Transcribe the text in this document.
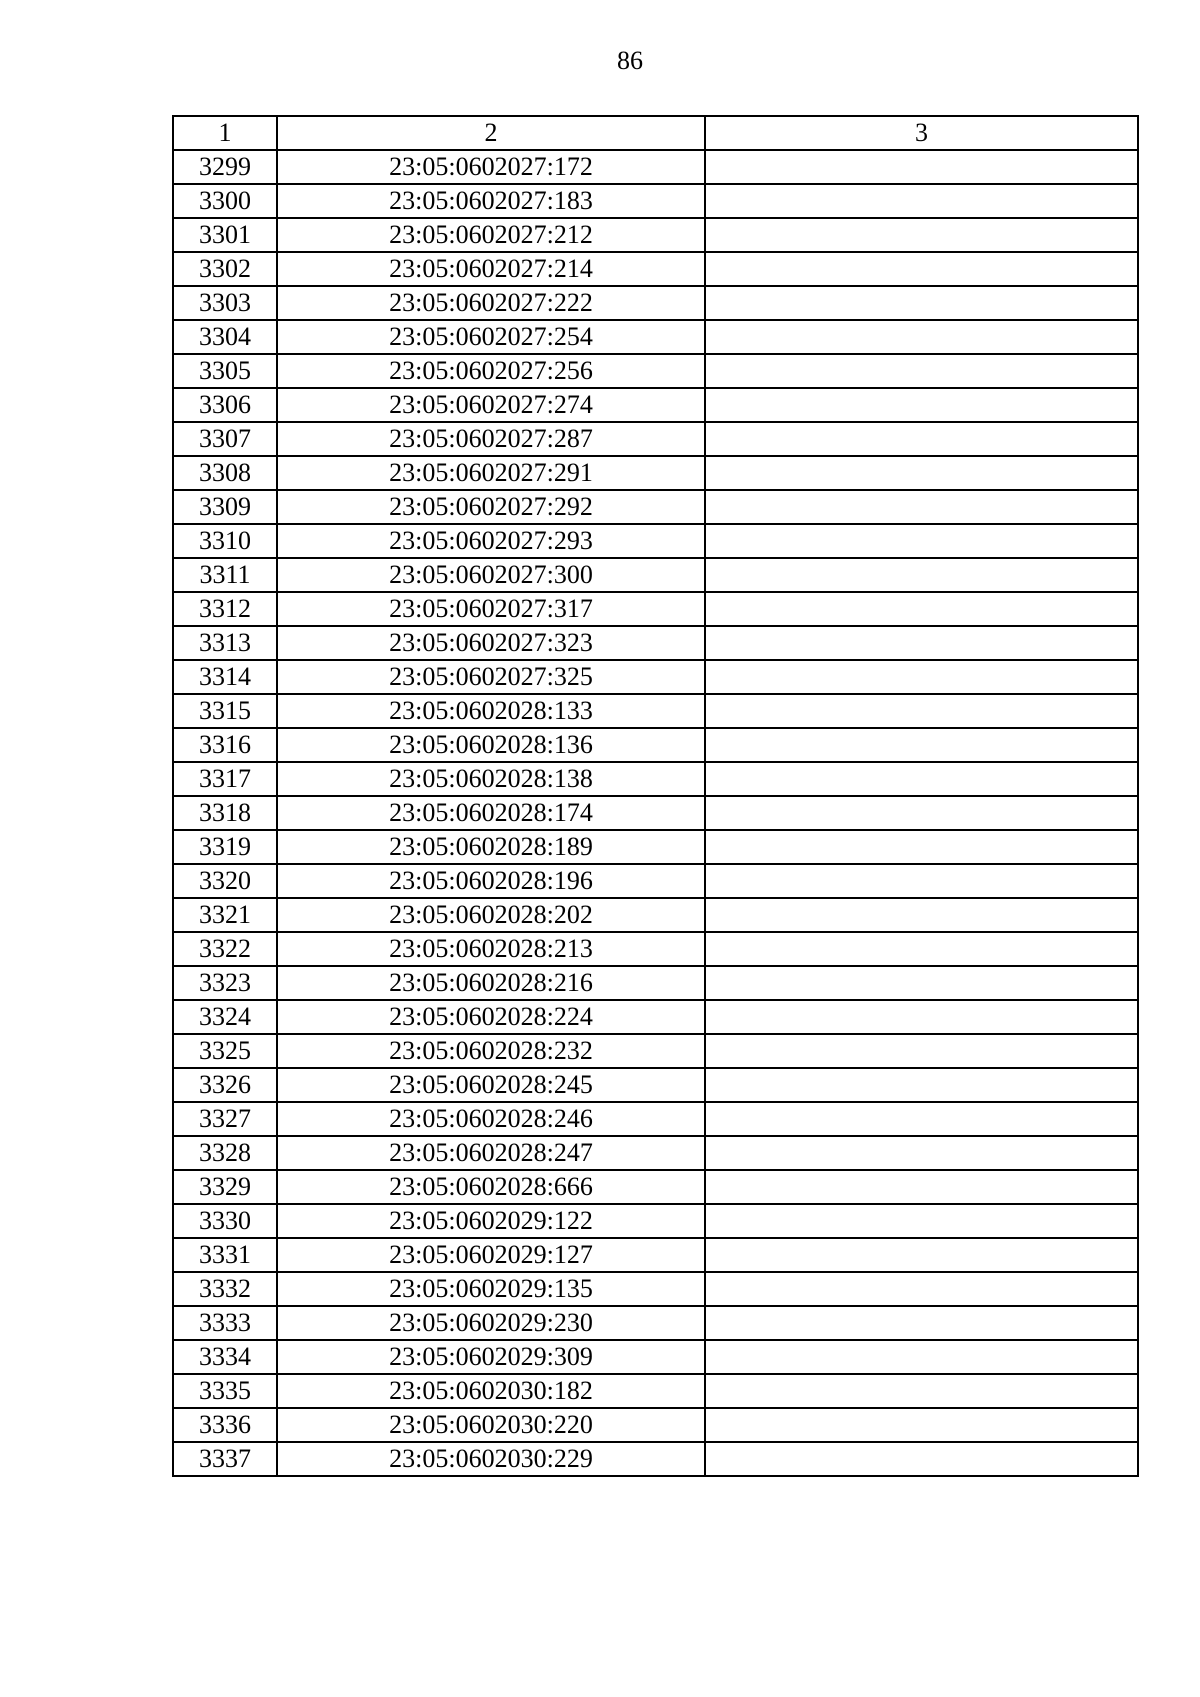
86
1	2	3
3299	23:05:0602027:172	
3300	23:05:0602027:183	
3301	23:05:0602027:212	
3302	23:05:0602027:214	
3303	23:05:0602027:222	
3304	23:05:0602027:254	
3305	23:05:0602027:256	
3306	23:05:0602027:274	
3307	23:05:0602027:287	
3308	23:05:0602027:291	
3309	23:05:0602027:292	
3310	23:05:0602027:293	
3311	23:05:0602027:300	
3312	23:05:0602027:317	
3313	23:05:0602027:323	
3314	23:05:0602027:325	
3315	23:05:0602028:133	
3316	23:05:0602028:136	
3317	23:05:0602028:138	
3318	23:05:0602028:174	
3319	23:05:0602028:189	
3320	23:05:0602028:196	
3321	23:05:0602028:202	
3322	23:05:0602028:213	
3323	23:05:0602028:216	
3324	23:05:0602028:224	
3325	23:05:0602028:232	
3326	23:05:0602028:245	
3327	23:05:0602028:246	
3328	23:05:0602028:247	
3329	23:05:0602028:666	
3330	23:05:0602029:122	
3331	23:05:0602029:127	
3332	23:05:0602029:135	
3333	23:05:0602029:230	
3334	23:05:0602029:309	
3335	23:05:0602030:182	
3336	23:05:0602030:220	
3337	23:05:0602030:229	
